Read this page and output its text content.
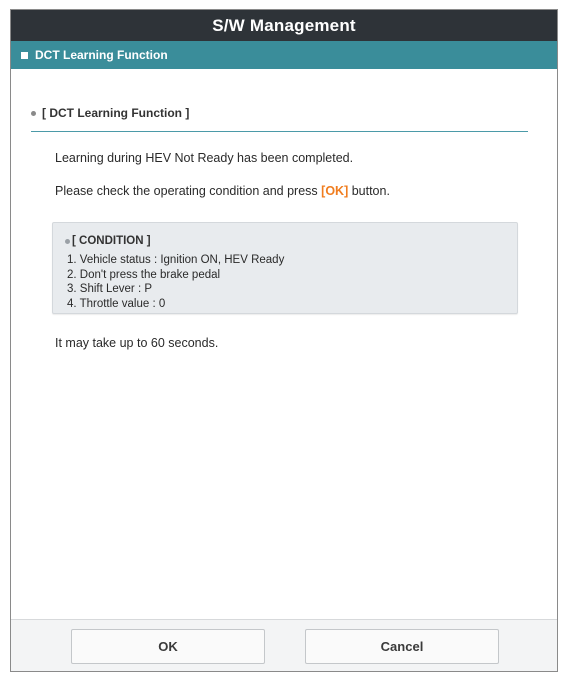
S/W Management
DCT Learning Function
[ DCT Learning Function ]
Learning during HEV Not Ready has been completed.
Please check the operating condition and press [OK] button.
[ CONDITION ]
1. Vehicle status : Ignition ON, HEV Ready
2. Don't press the brake pedal
3. Shift Lever : P
4. Throttle value : 0
It may take up to 60 seconds.
OK	Cancel
